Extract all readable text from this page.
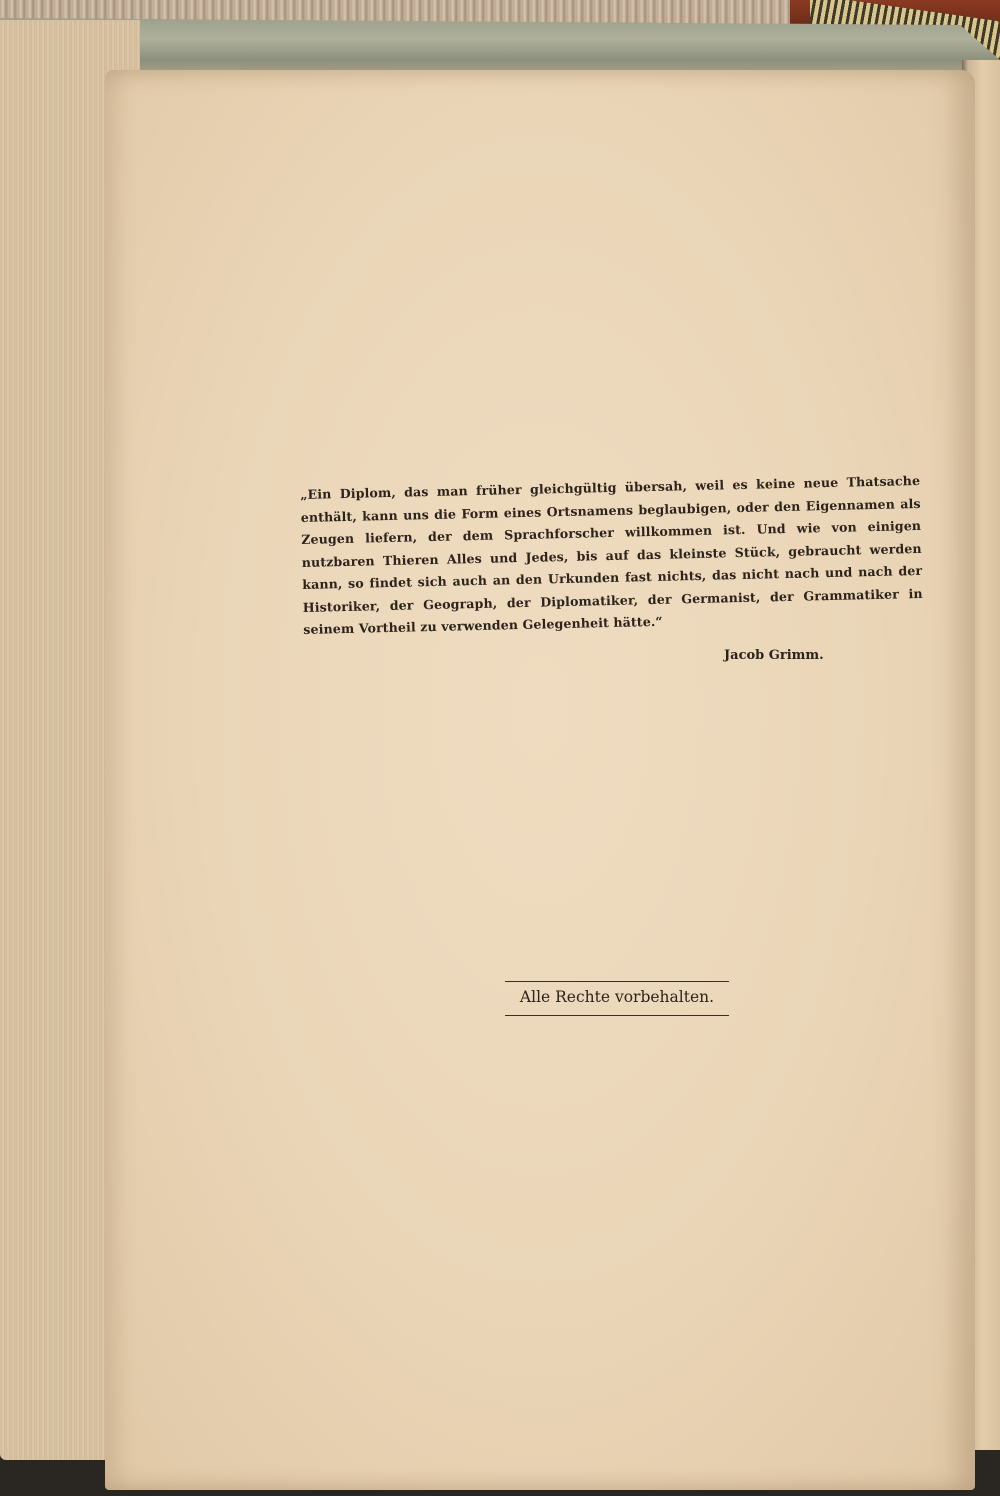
„Ein Diplom, das man früher gleichgültig übersah, weil es keine neue Thatsache enthält, kann uns die Form eines Ortsnamens beglaubigen, oder den Eigennamen als Zeugen liefern, der dem Sprachforscher willkommen ist. Und wie von einigen nutzbaren Thieren Alles und Jedes, bis auf das kleinste Stück, gebraucht werden kann, so findet sich auch an den Urkunden fast nichts, das nicht nach und nach der Historiker, der Geograph, der Diplomatiker, der Germanist, der Grammatiker in seinem Vortheil zu verwenden Gelegenheit hätte.“
Jacob Grimm.
Alle Rechte vorbehalten.
